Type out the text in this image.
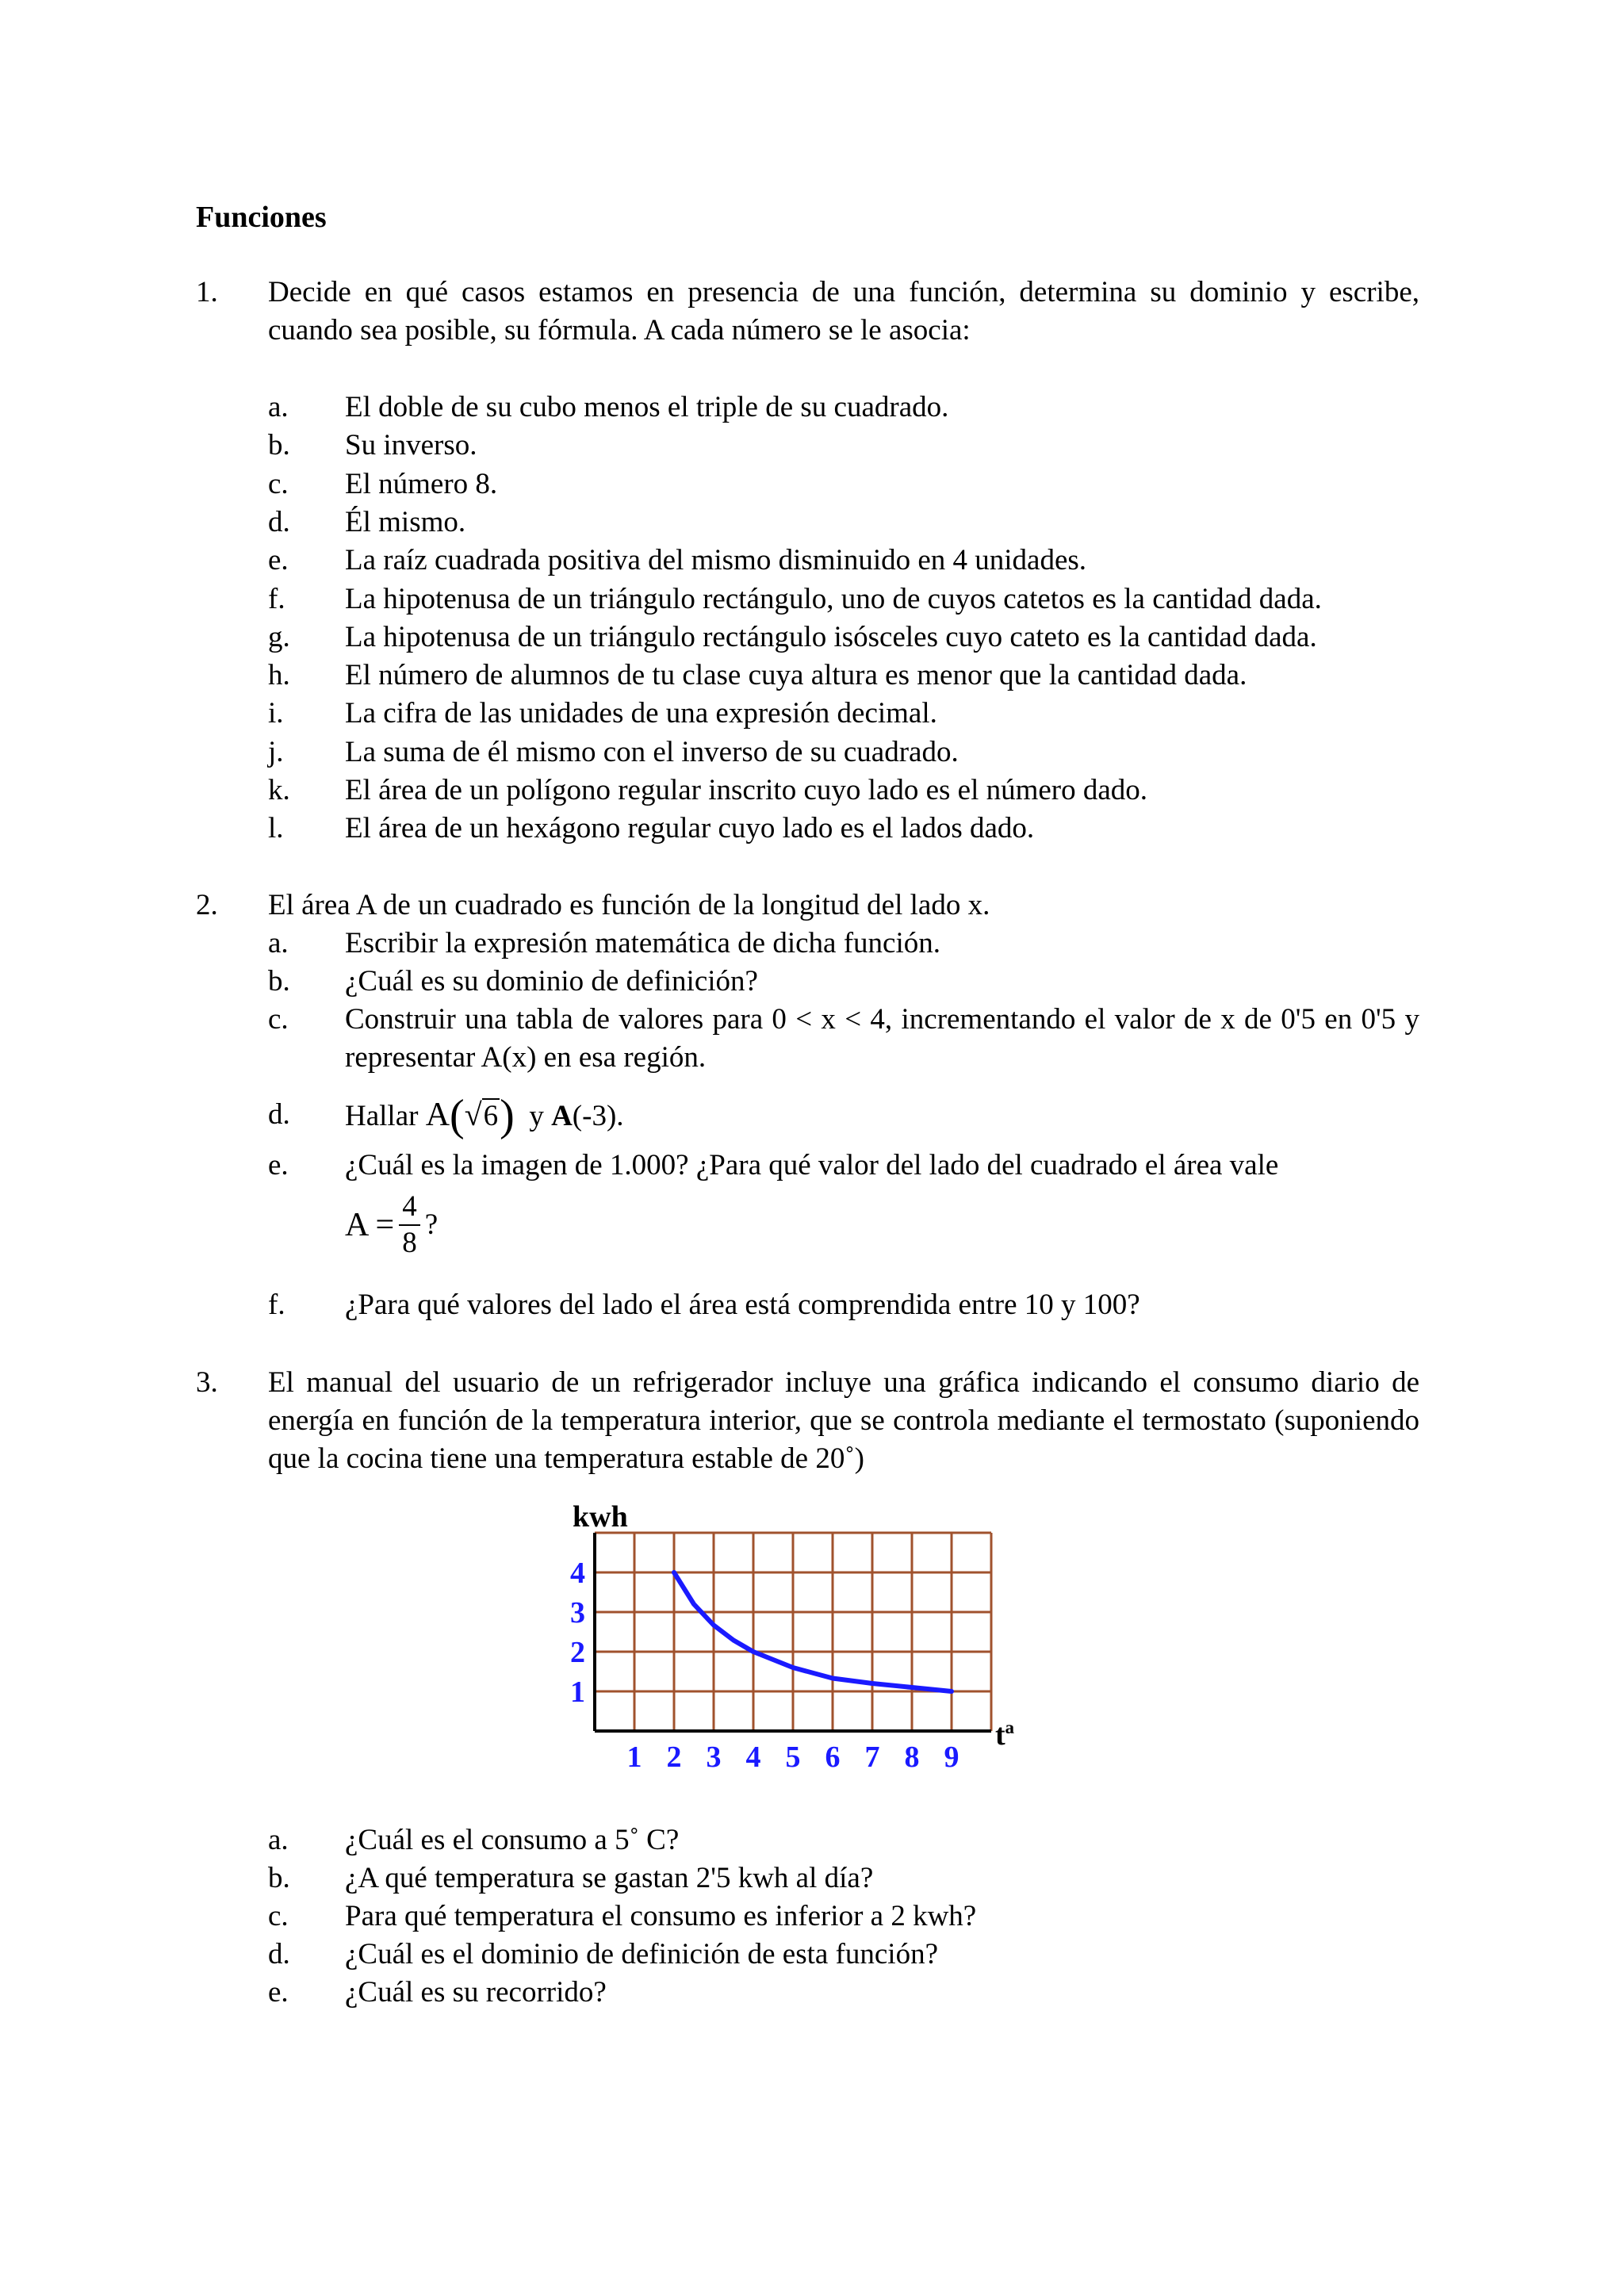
Funciones
1. Decide en qué casos estamos en presencia de una función, determina su dominio y escribe, cuando sea posible, su fórmula. A cada número se le asocia:
a. El doble de su cubo menos el triple de su cuadrado.
b. Su inverso.
c. El número 8.
d. Él mismo.
e. La raíz cuadrada positiva del mismo disminuido en 4 unidades.
f. La hipotenusa de un triángulo rectángulo, uno de cuyos catetos es la cantidad dada.
g. La hipotenusa de un triángulo rectángulo isósceles cuyo cateto es la cantidad dada.
h. El número de alumnos de tu clase cuya altura es menor que la cantidad dada.
i. La cifra de las unidades de una expresión decimal.
j. La suma de él mismo con el inverso de su cuadrado.
k. El área de un polígono regular inscrito cuyo lado es el número dado.
l. El área de un hexágono regular cuyo lado es el lados dado.
2. El área A de un cuadrado es función de la longitud del lado x.
a. Escribir la expresión matemática de dicha función.
b. ¿Cuál es su dominio de definición?
c. Construir una tabla de valores para 0 < x < 4, incrementando el valor de x de 0'5 en 0'5 y representar A(x) en esa región.
d. Hallar A(√6) y A(-3).
e. ¿Cuál es la imagen de 1.000? ¿Para qué valor del lado del cuadrado el área vale
$A = \frac{4}{8}$ ?
f. ¿Para qué valores del lado el área está comprendida entre 10 y 100?
3. El manual del usuario de un refrigerador incluye una gráfica indicando el consumo diario de energía en función de la temperatura interior, que se controla mediante el termostato (suponiendo que la cocina tiene una temperatura estable de 20˚)
1 2 3 4 5 6 7 8 9
1
2
3
4
kwh
tª
a. ¿Cuál es el consumo a 5˚ C?
b. ¿A qué temperatura se gastan 2'5 kwh al día?
c. Para qué temperatura el consumo es inferior a 2 kwh?
d. ¿Cuál es el dominio de definición de esta función?
e. ¿Cuál es su recorrido?
